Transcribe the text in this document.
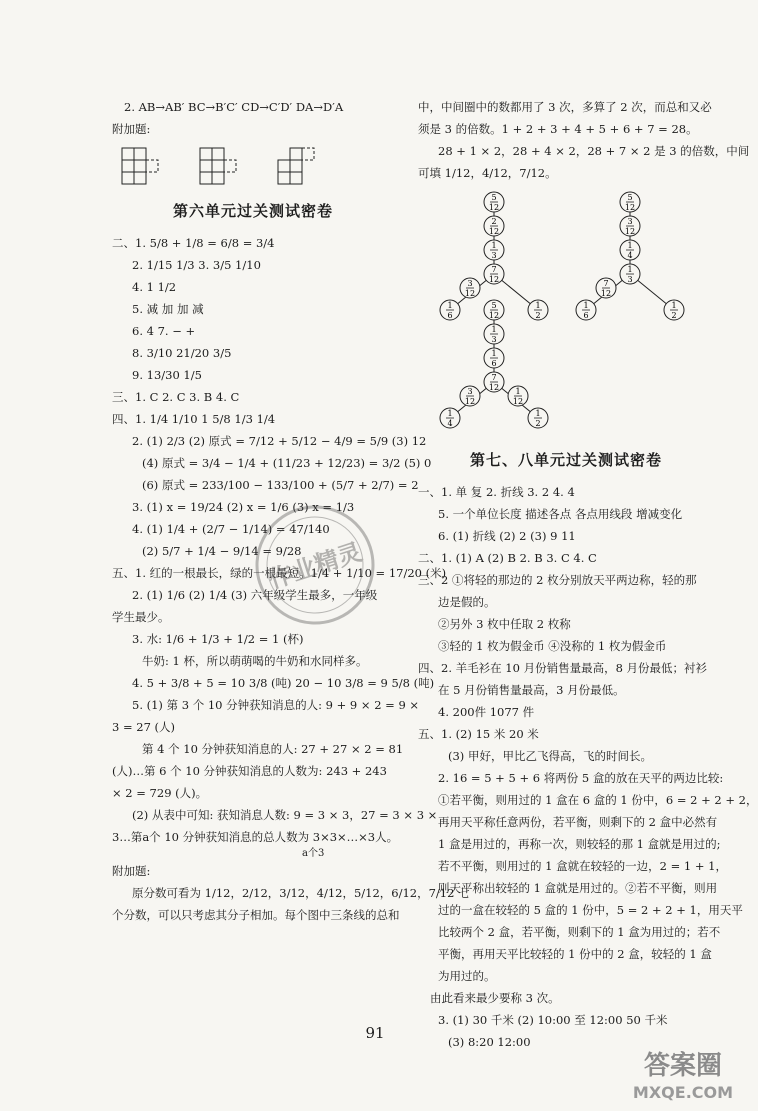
2. AB→AB′ BC→B′C′ CD→C′D′ DA→D′A
附加题:
第六单元过关测试密卷
二、1. 5/8 + 1/8 = 6/8 = 3/4
2. 1/15 1/3 3. 3/5 1/10
4. 1 1/2
5. 减 加 加 减
6. 4 7. − +
8. 3/10 21/20 3/5
9. 13/30 1/5
三、1. C 2. C 3. B 4. C
四、1. 1/4 1/10 1 5/8 1/3 1/4
2. (1) 2/3 (2) 原式 = 7/12 + 5/12 − 4/9 = 5/9 (3) 12
(4) 原式 = 3/4 − 1/4 + (11/23 + 12/23) = 3/2 (5) 0
(6) 原式 = 233/100 − 133/100 + (5/7 + 2/7) = 2
3. (1) x = 19/24 (2) x = 1/6 (3) x = 1/3
4. (1) 1/4 + (2/7 − 1/14) = 47/140
(2) 5/7 + 1/4 − 9/14 = 9/28
五、1. 红的一根最长，绿的一根最短。1/4 + 1/10 = 17/20 (米)
2. (1) 1/6 (2) 1/4 (3) 六年级学生最多，一年级
学生最少。
3. 水: 1/6 + 1/3 + 1/2 = 1 (杯)
牛奶: 1 杯，所以萌萌喝的牛奶和水同样多。
4. 5 + 3/8 + 5 = 10 3/8 (吨) 20 − 10 3/8 = 9 5/8 (吨)
5. (1) 第 3 个 10 分钟获知消息的人: 9 + 9 × 2 = 9 ×
3 = 27 (人)
第 4 个 10 分钟获知消息的人: 27 + 27 × 2 = 81
(人)…第 6 个 10 分钟获知消息的人数为: 243 + 243
× 2 = 729 (人)。
(2) 从表中可知: 获知消息人数: 9 = 3 × 3，27 = 3 × 3 ×
3…第a个 10 分钟获知消息的总人数为 3×3×…×3人。
a个3
附加题:
原分数可看为 1/12，2/12，3/12，4/12，5/12，6/12，7/12 七
个分数，可以只考虑其分子相加。每个图中三条线的总和
中，中间圈中的数都用了 3 次，多算了 2 次，而总和又必
须是 3 的倍数。1 + 2 + 3 + 4 + 5 + 6 + 7 = 28。
28 + 1 × 2，28 + 4 × 2，28 + 7 × 2 是 3 的倍数，中间
可填 1/12，4/12，7/12。
5
12
2
12
1
3
7
12
3
12
1
6
1
2
5
12
3
12
1
4
1
3
7
12
1
6
1
2
5
12
1
3
1
6
7
12
3
12
1
4
1
12
1
2
第七、八单元过关测试密卷
一、1. 单 复 2. 折线 3. 2 4. 4
5. 一个单位长度 描述各点 各点用线段 增减变化
6. (1) 折线 (2) 2 (3) 9 11
二、1. (1) A (2) B 2. B 3. C 4. C
三、2 ①将轻的那边的 2 枚分别放天平两边称，轻的那
边是假的。
②另外 3 枚中任取 2 枚称
③轻的 1 枚为假金币 ④没称的 1 枚为假金币
四、2. 羊毛衫在 10 月份销售量最高，8 月份最低；衬衫
在 5 月份销售量最高，3 月份最低。
4. 200件 1077 件
五、1. (2) 15 米 20 米
(3) 甲好，甲比乙飞得高，飞的时间长。
2. 16 = 5 + 5 + 6 将两份 5 盒的放在天平的两边比较:
①若平衡，则用过的 1 盒在 6 盒的 1 份中，6 = 2 + 2 + 2，
再用天平称任意两份，若平衡，则剩下的 2 盒中必然有
1 盒是用过的，再称一次，则较轻的那 1 盒就是用过的;
若不平衡，则用过的 1 盒就在较轻的一边，2 = 1 + 1，
则天平称出较轻的 1 盒就是用过的。②若不平衡，则用
过的一盒在较轻的 5 盒的 1 份中，5 = 2 + 2 + 1，用天平
比较两个 2 盒，若平衡，则剩下的 1 盒为用过的；若不
平衡，再用天平比较轻的 1 份中的 2 盒，较轻的 1 盒
为用过的。
由此看来最少要称 3 次。
3. (1) 30 千米 (2) 10:00 至 12:00 50 千米
(3) 8:20 12:00
作业精灵
91
答案圈
MXQE.COM
